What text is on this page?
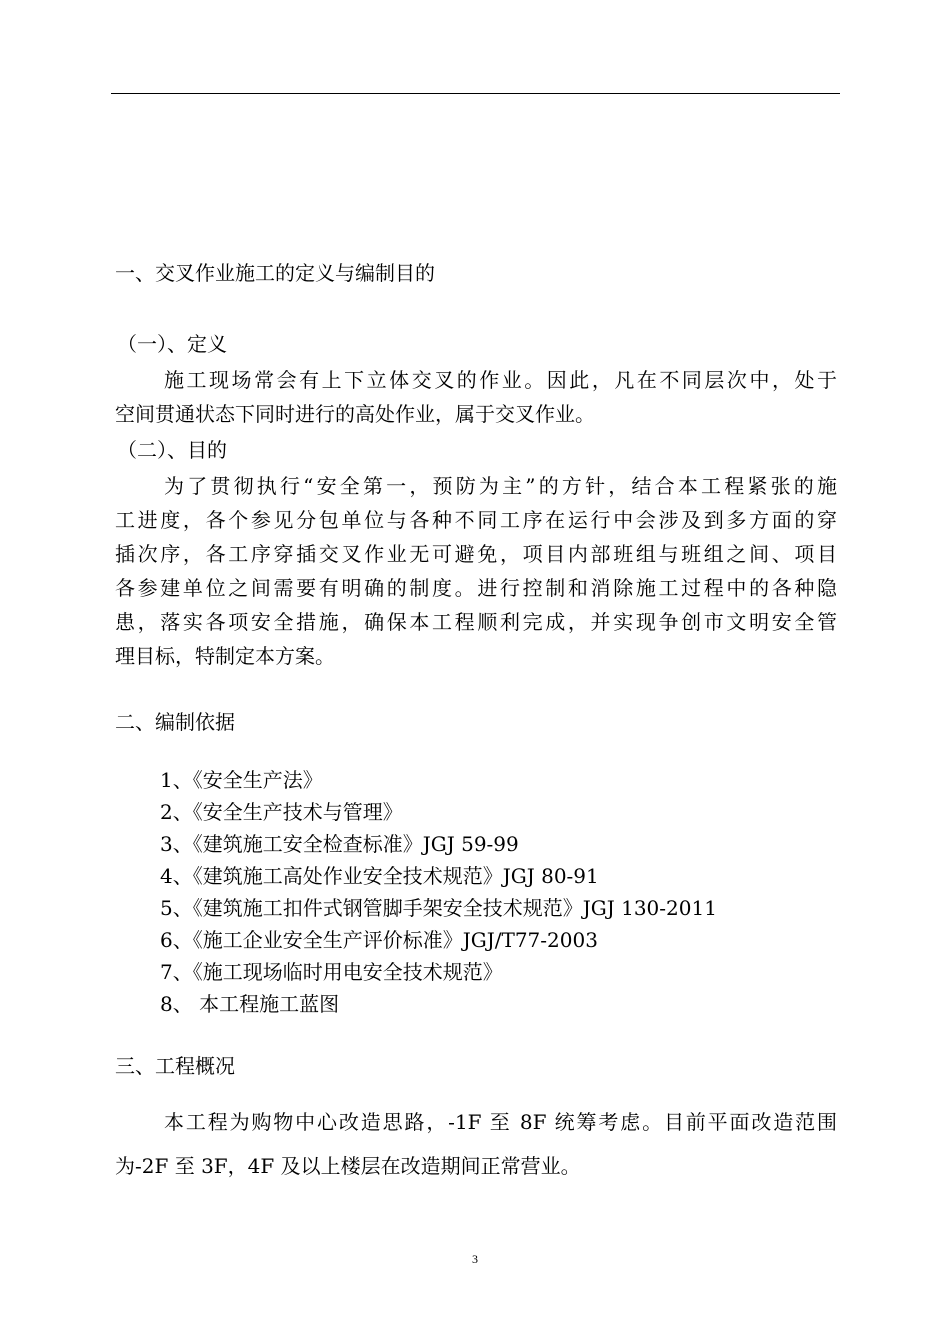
一、交叉作业施工的定义与编制目的
（一）、定义
施工现场常会有上下立体交叉的作业。因此，凡在不同层次中，处于
空间贯通状态下同时进行的高处作业，属于交叉作业。
（二）、目的
为了贯彻执行“安全第一，预防为主”的方针，结合本工程紧张的施
工进度，各个参见分包单位与各种不同工序在运行中会涉及到多方面的穿
插次序，各工序穿插交叉作业无可避免，项目内部班组与班组之间、项目
各参建单位之间需要有明确的制度。进行控制和消除施工过程中的各种隐
患，落实各项安全措施，确保本工程顺利完成，并实现争创市文明安全管
理目标，特制定本方案。
二、编制依据
1、《安全生产法》
2、《安全生产技术与管理》
3、《建筑施工安全检查标准》JGJ 59-99
4、《建筑施工高处作业安全技术规范》JGJ 80-91
5、《建筑施工扣件式钢管脚手架安全技术规范》JGJ 130-2011
6、《施工企业安全生产评价标准》JGJ/T77-2003
7、《施工现场临时用电安全技术规范》
8、 本工程施工蓝图
三、工程概况
本工程为购物中心改造思路，-1F 至 8F 统筹考虑。目前平面改造范围
为-2F 至 3F，4F 及以上楼层在改造期间正常营业。
3
